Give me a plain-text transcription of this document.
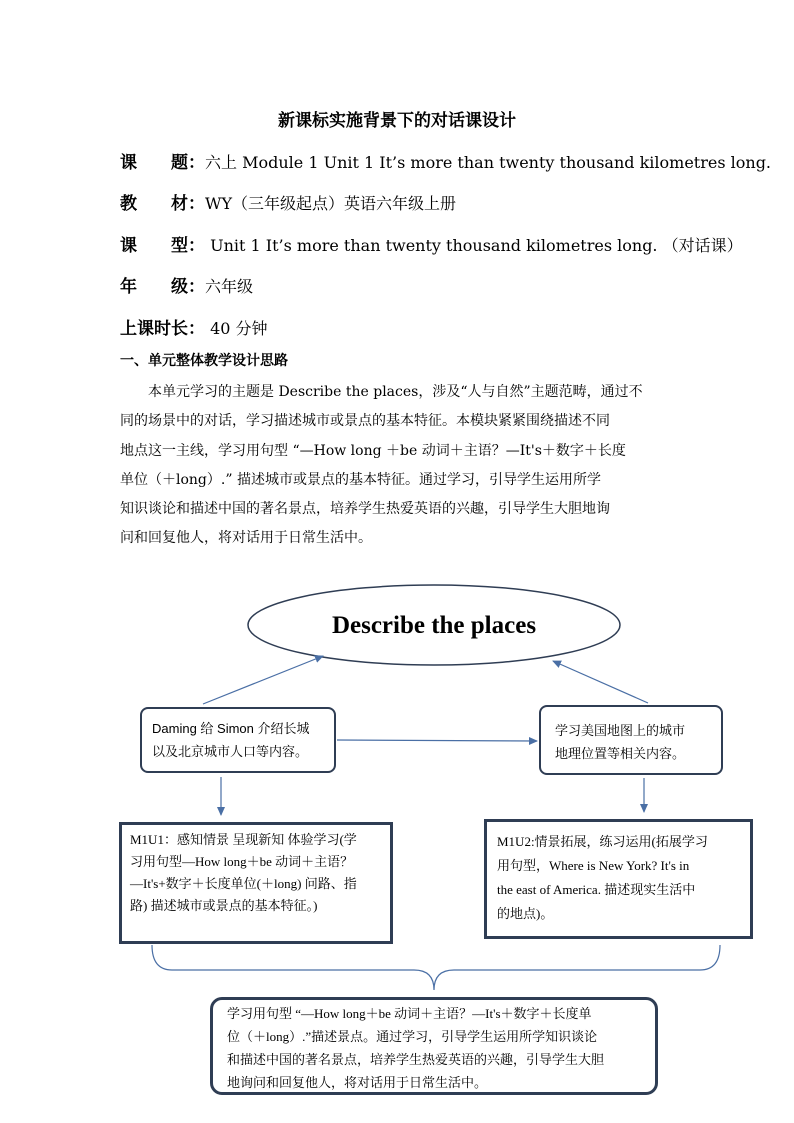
新课标实施背景下的对话课设计
课　　题：六上 Module 1 Unit 1 It’s more than twenty thousand kilometres long.
教　　材：WY（三年级起点）英语六年级上册
课　　型： Unit 1 It’s more than twenty thousand kilometres long. （对话课）
年　　级：六年级
上课时长： 40 分钟
一、单元整体教学设计思路
本单元学习的主题是 Describe the places，涉及“人与自然”主题范畴，通过不
同的场景中的对话，学习描述城市或景点的基本特征。本模块紧紧围绕描述不同
地点这一主线，学习用句型 “—How long ＋be 动词＋主语？—It's＋数字＋长度
单位（＋long）.” 描述城市或景点的基本特征。通过学习，引导学生运用所学
知识谈论和描述中国的著名景点，培养学生热爱英语的兴趣，引导学生大胆地询
问和回复他人，将对话用于日常生活中。
Describe the places
Daming 给 Simon 介绍长城
以及北京城市人口等内容。
学习美国地图上的城市
地理位置等相关内容。
M1U1：感知情景 呈现新知 体验学习(学
习用句型—How long＋be 动词＋主语？
—It's+数字＋长度单位(＋long) 问路、指
路) 描述城市或景点的基本特征。)
M1U2:情景拓展，练习运用(拓展学习
用句型，Where is New York? It's in
the east of America. 描述现实生活中
的地点)。
学习用句型 “—How long＋be 动词＋主语？—It's＋数字＋长度单
位（＋long）.”描述景点。通过学习，引导学生运用所学知识谈论
和描述中国的著名景点，培养学生热爱英语的兴趣，引导学生大胆
地询问和回复他人，将对话用于日常生活中。
